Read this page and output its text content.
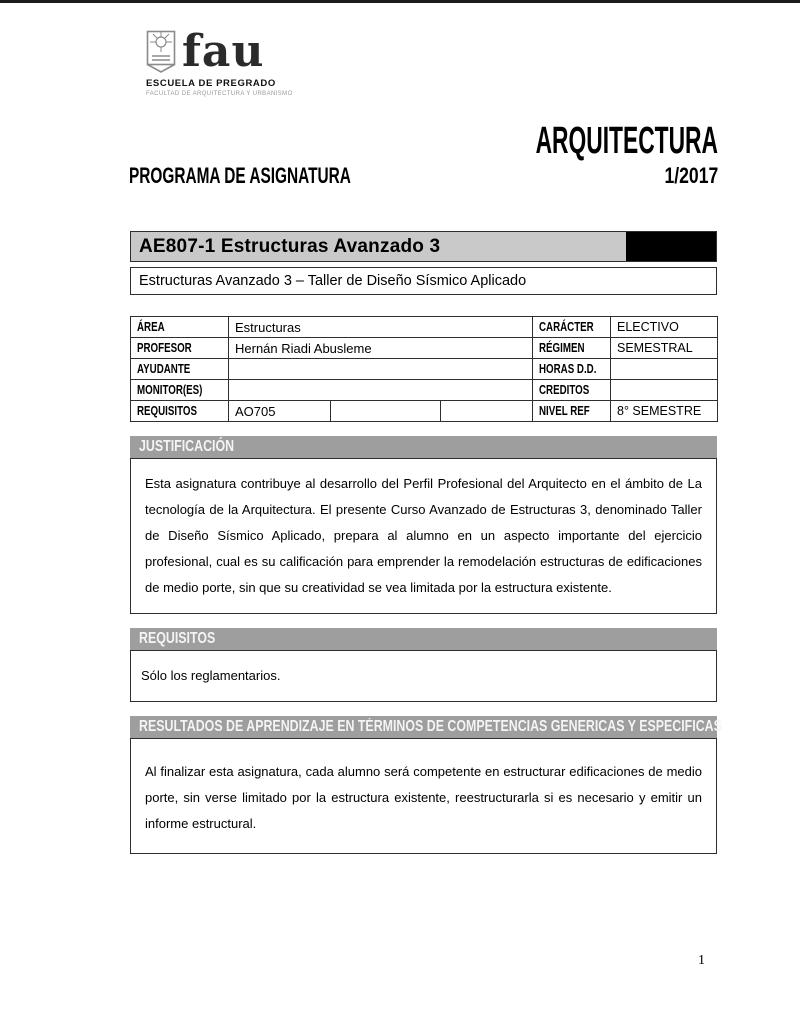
fau
ESCUELA DE PREGRADO
FACULTAD DE ARQUITECTURA Y URBANISMO
ARQUITECTURA
PROGRAMA DE ASIGNATURA	1/2017
AE807-1 Estructuras Avanzado 3
Estructuras Avanzado 3 – Taller de Diseño Sísmico Aplicado
ÁREA	Estructuras			CARÁCTER	ELECTIVO
PROFESOR	Hernán Riadi Abusleme			RÉGIMEN	SEMESTRAL
AYUDANTE				HORAS D.D.	
MONITOR(ES)				CREDITOS	
REQUISITOS	AO705			NIVEL REF	8° SEMESTRE
JUSTIFICACIÓN

Esta asignatura contribuye al desarrollo del Perfil Profesional del Arquitecto en el ámbito de La tecnología de la Arquitectura. El presente Curso Avanzado de Estructuras 3, denominado Taller de Diseño Sísmico Aplicado, prepara al alumno en un aspecto importante del ejercicio profesional, cual es su calificación para emprender la remodelación estructuras de edificaciones de medio porte, sin que su creatividad se vea limitada por la estructura existente.

REQUISITOS

Sólo los reglamentarios.

RESULTADOS DE APRENDIZAJE EN TÉRMINOS DE COMPETENCIAS GENERICAS Y ESPECIFICAS

Al finalizar esta asignatura, cada alumno será competente en estructurar edificaciones de medio porte, sin verse limitado por la estructura existente, reestructurarla si es necesario y emitir un informe estructural.

1
